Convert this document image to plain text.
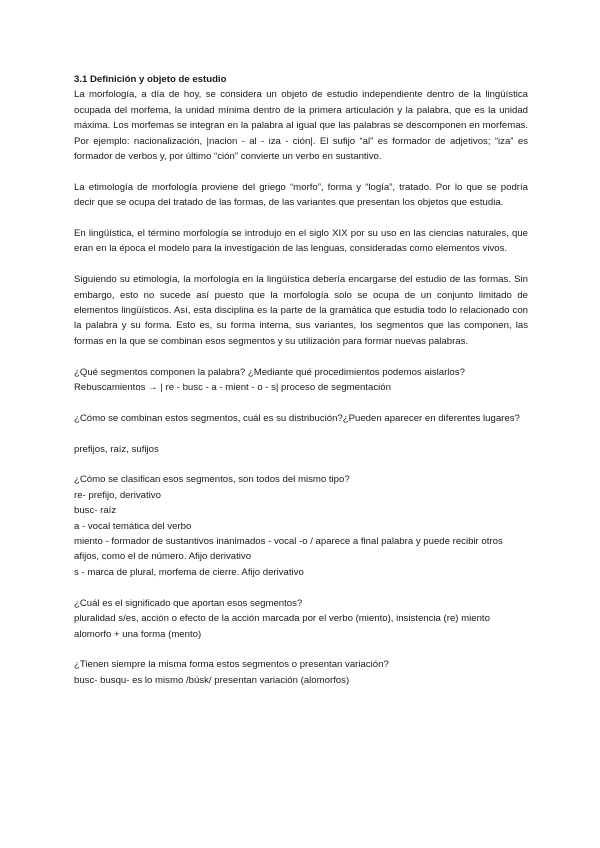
3.1 Definición y objeto de estudio

La morfología, a día de hoy, se considera un objeto de estudio independiente dentro de la lingüística ocupada del morfema, la unidad mínima dentro de la primera articulación y la palabra, que es la unidad máxima. Los morfemas se integran en la palabra al igual que las palabras se descomponen en morfemas. Por ejemplo: nacionalización, |nacion - al - iza - ción|. El sufijo “al” es formador de adjetivos; “iza” es formador de verbos y, por último “ción” convierte un verbo en sustantivo.

La etimología de morfología proviene del griego “morfo”, forma y “logía”, tratado. Por lo que se podría decir que se ocupa del tratado de las formas, de las variantes que presentan los objetos que estudia.

En lingüística, el término morfología se introdujo en el siglo XIX por su uso en las ciencias naturales, que eran en la época el modelo para la investigación de las lenguas, consideradas como elementos vivos.

Siguiendo su etimología, la morfología en la lingüística debería encargarse del estudio de las formas. Sin embargo, esto no sucede así puesto que la morfología solo se ocupa de un conjunto limitado de elementos lingüísticos. Así, esta disciplina es la parte de la gramática que estudia todo lo relacionado con la palabra y su forma. Esto es, su forma interna, sus variantes, los segmentos que las componen, las formas en la que se combinan esos segmentos y su utilización para formar nuevas palabras.

¿Qué segmentos componen la palabra? ¿Mediante qué procedimientos podemos aislarlos?
Rebuscamientos → | re - busc - a - mient - o - s| proceso de segmentación
¿Cómo se combinan estos segmentos, cuál es su distribución?¿Pueden aparecer en diferentes lugares?
prefijos, raíz, sufijos
¿Cómo se clasifican esos segmentos, son todos del mismo tipo?
re- prefijo, derivativo
busc- raíz
a - vocal temática del verbo
miento - formador de sustantivos inanimados - vocal -o / aparece a final palabra y puede recibir otros afijos, como el de número. Afijo derivativo
s - marca de plural, morfema de cierre. Afijo derivativo
¿Cuál es el significado que aportan esos segmentos?
pluralidad s/es, acción o efecto de la acción marcada por el verbo (miento), insistencia (re) miento
alomorfo + una forma (mento)
¿Tienen siempre la misma forma estos segmentos o presentan variación?
busc- busqu- es lo mismo /búsk/ presentan variación (alomorfos)
